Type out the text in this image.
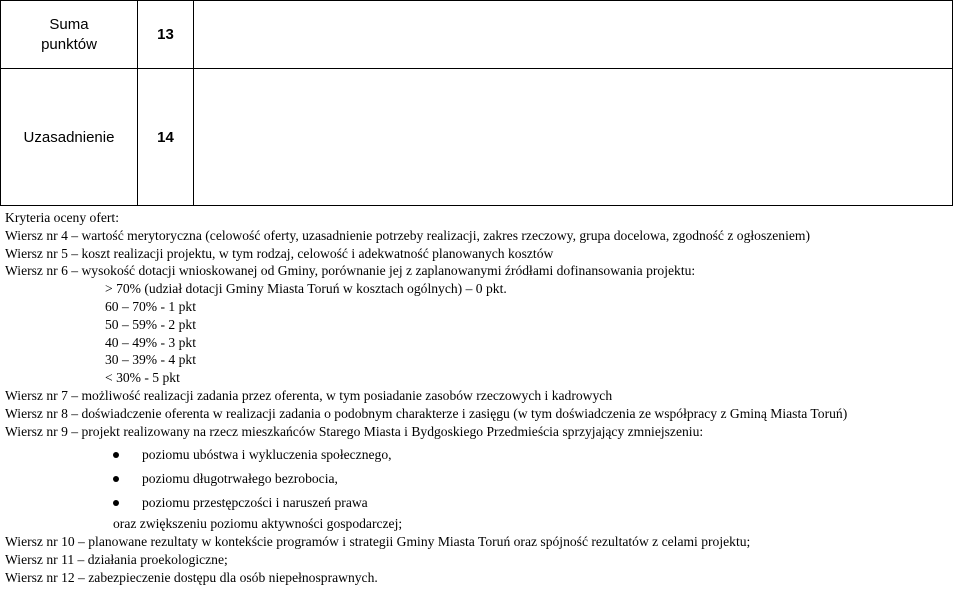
Suma
punktów	13	
Uzasadnienie	14	
Kryteria oceny ofert:
Wiersz nr 4 – wartość merytoryczna (celowość oferty, uzasadnienie potrzeby realizacji, zakres rzeczowy, grupa docelowa, zgodność z ogłoszeniem)
Wiersz nr 5 – koszt realizacji projektu, w tym rodzaj, celowość i adekwatność planowanych kosztów
Wiersz nr 6 – wysokość dotacji wnioskowanej od Gminy, porównanie jej z zaplanowanymi źródłami dofinansowania projektu:
> 70% (udział dotacji Gminy Miasta Toruń w kosztach ogólnych) – 0 pkt.
60 – 70% - 1 pkt
50 – 59% - 2 pkt
40 – 49% - 3 pkt
30 – 39% - 4 pkt
< 30% - 5 pkt
Wiersz nr 7 – możliwość realizacji zadania przez oferenta, w tym posiadanie zasobów rzeczowych i kadrowych
Wiersz nr 8 – doświadczenie oferenta w realizacji zadania o podobnym charakterze i zasięgu (w tym doświadczenia ze współpracy z Gminą Miasta Toruń)
Wiersz nr 9 – projekt realizowany na rzecz mieszkańców Starego Miasta i Bydgoskiego Przedmieścia sprzyjający zmniejszeniu:
poziomu ubóstwa i wykluczenia społecznego,
poziomu długotrwałego bezrobocia,
poziomu przestępczości i naruszeń prawa
oraz zwiększeniu poziomu aktywności gospodarczej;
Wiersz nr 10 – planowane rezultaty w kontekście programów i strategii Gminy Miasta Toruń oraz spójność rezultatów z celami projektu;
Wiersz nr 11 – działania proekologiczne;
Wiersz nr 12 – zabezpieczenie dostępu dla osób niepełnosprawnych.
